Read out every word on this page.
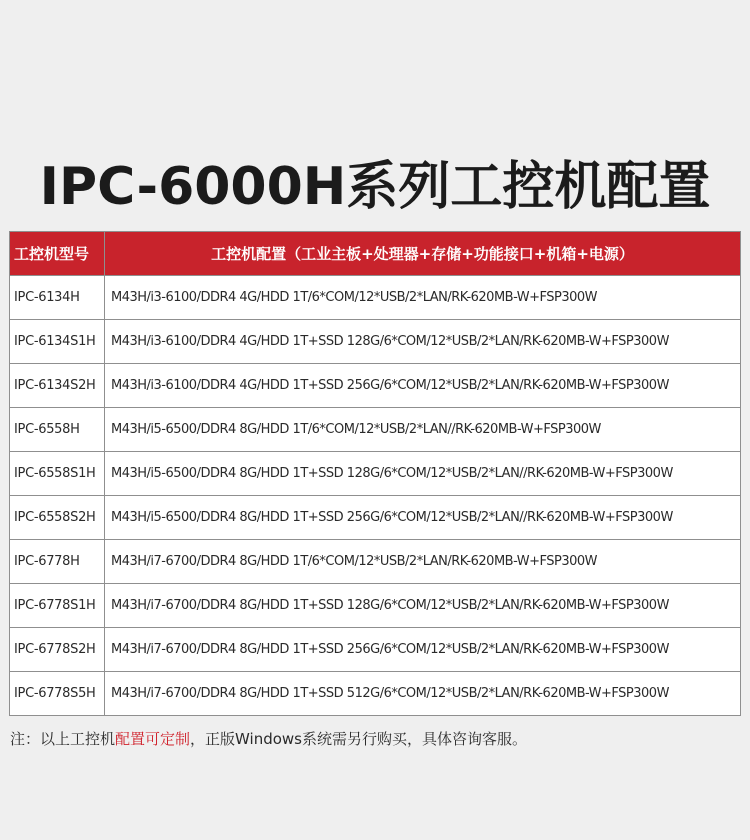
IPC-6000H系列工控机配置
工控机型号	工控机配置（工业主板+处理器+存储+功能接口+机箱+电源）
IPC-6134H	M43H/i3-6100/DDR4 4G/HDD 1T/6*COM/12*USB/2*LAN/RK-620MB-W+FSP300W
IPC-6134S1H	M43H/i3-6100/DDR4 4G/HDD 1T+SSD 128G/6*COM/12*USB/2*LAN/RK-620MB-W+FSP300W
IPC-6134S2H	M43H/i3-6100/DDR4 4G/HDD 1T+SSD 256G/6*COM/12*USB/2*LAN/RK-620MB-W+FSP300W
IPC-6558H	M43H/i5-6500/DDR4 8G/HDD 1T/6*COM/12*USB/2*LAN//RK-620MB-W+FSP300W
IPC-6558S1H	M43H/i5-6500/DDR4 8G/HDD 1T+SSD 128G/6*COM/12*USB/2*LAN//RK-620MB-W+FSP300W
IPC-6558S2H	M43H/i5-6500/DDR4 8G/HDD 1T+SSD 256G/6*COM/12*USB/2*LAN//RK-620MB-W+FSP300W
IPC-6778H	M43H/i7-6700/DDR4 8G/HDD 1T/6*COM/12*USB/2*LAN/RK-620MB-W+FSP300W
IPC-6778S1H	M43H/i7-6700/DDR4 8G/HDD 1T+SSD 128G/6*COM/12*USB/2*LAN/RK-620MB-W+FSP300W
IPC-6778S2H	M43H/i7-6700/DDR4 8G/HDD 1T+SSD 256G/6*COM/12*USB/2*LAN/RK-620MB-W+FSP300W
IPC-6778S5H	M43H/i7-6700/DDR4 8G/HDD 1T+SSD 512G/6*COM/12*USB/2*LAN/RK-620MB-W+FSP300W

注：以上工控机配置可定制，正版Windows系统需另行购买，具体咨询客服。
